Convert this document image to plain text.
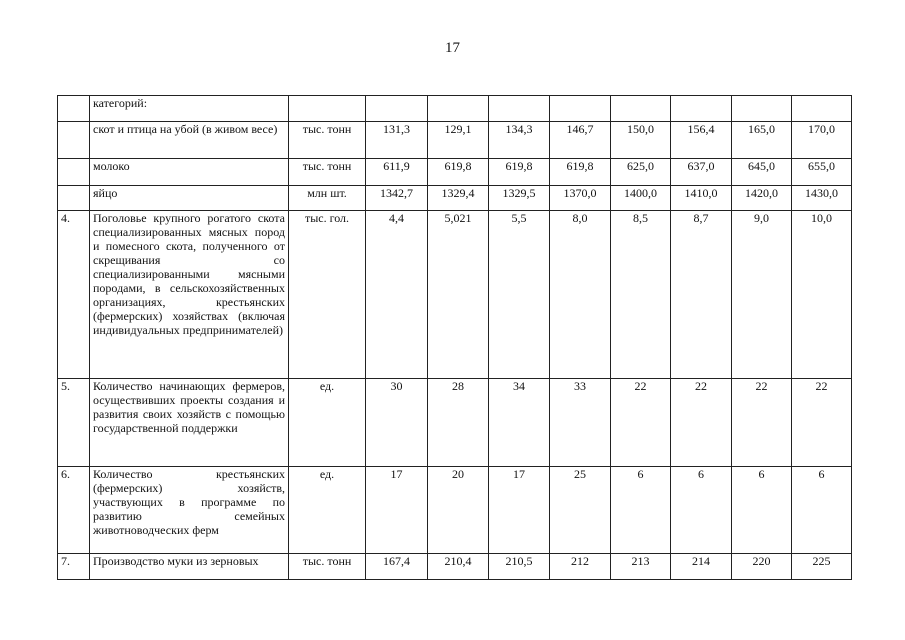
17
	категорий:									
	скот и птица на убой (в живом весе)	тыс. тонн	131,3	129,1	134,3	146,7	150,0	156,4	165,0	170,0
	молоко	тыс. тонн	611,9	619,8	619,8	619,8	625,0	637,0	645,0	655,0
	яйцо	млн шт.	1342,7	1329,4	1329,5	1370,0	1400,0	1410,0	1420,0	1430,0
4.	Поголовье крупного рогатого скота специализированных мясных пород и помесного скота, полученного от скрещивания со специализированными мясными породами, в сельскохозяйственных организациях, крестьянских (фермерских) хозяйствах (включая индивидуальных предпринимателей)	тыс. гол.	4,4	5,021	5,5	8,0	8,5	8,7	9,0	10,0
5.	Количество начинающих фермеров, осуществивших проекты создания и развития своих хозяйств с помощью государственной поддержки	ед.	30	28	34	33	22	22	22	22
6.	Количество крестьянских (фермерских) хозяйств, участвующих в программе по развитию семейных животноводческих ферм	ед.	17	20	17	25	6	6	6	6
7.	Производство муки из зерновых	тыс. тонн	167,4	210,4	210,5	212	213	214	220	225
